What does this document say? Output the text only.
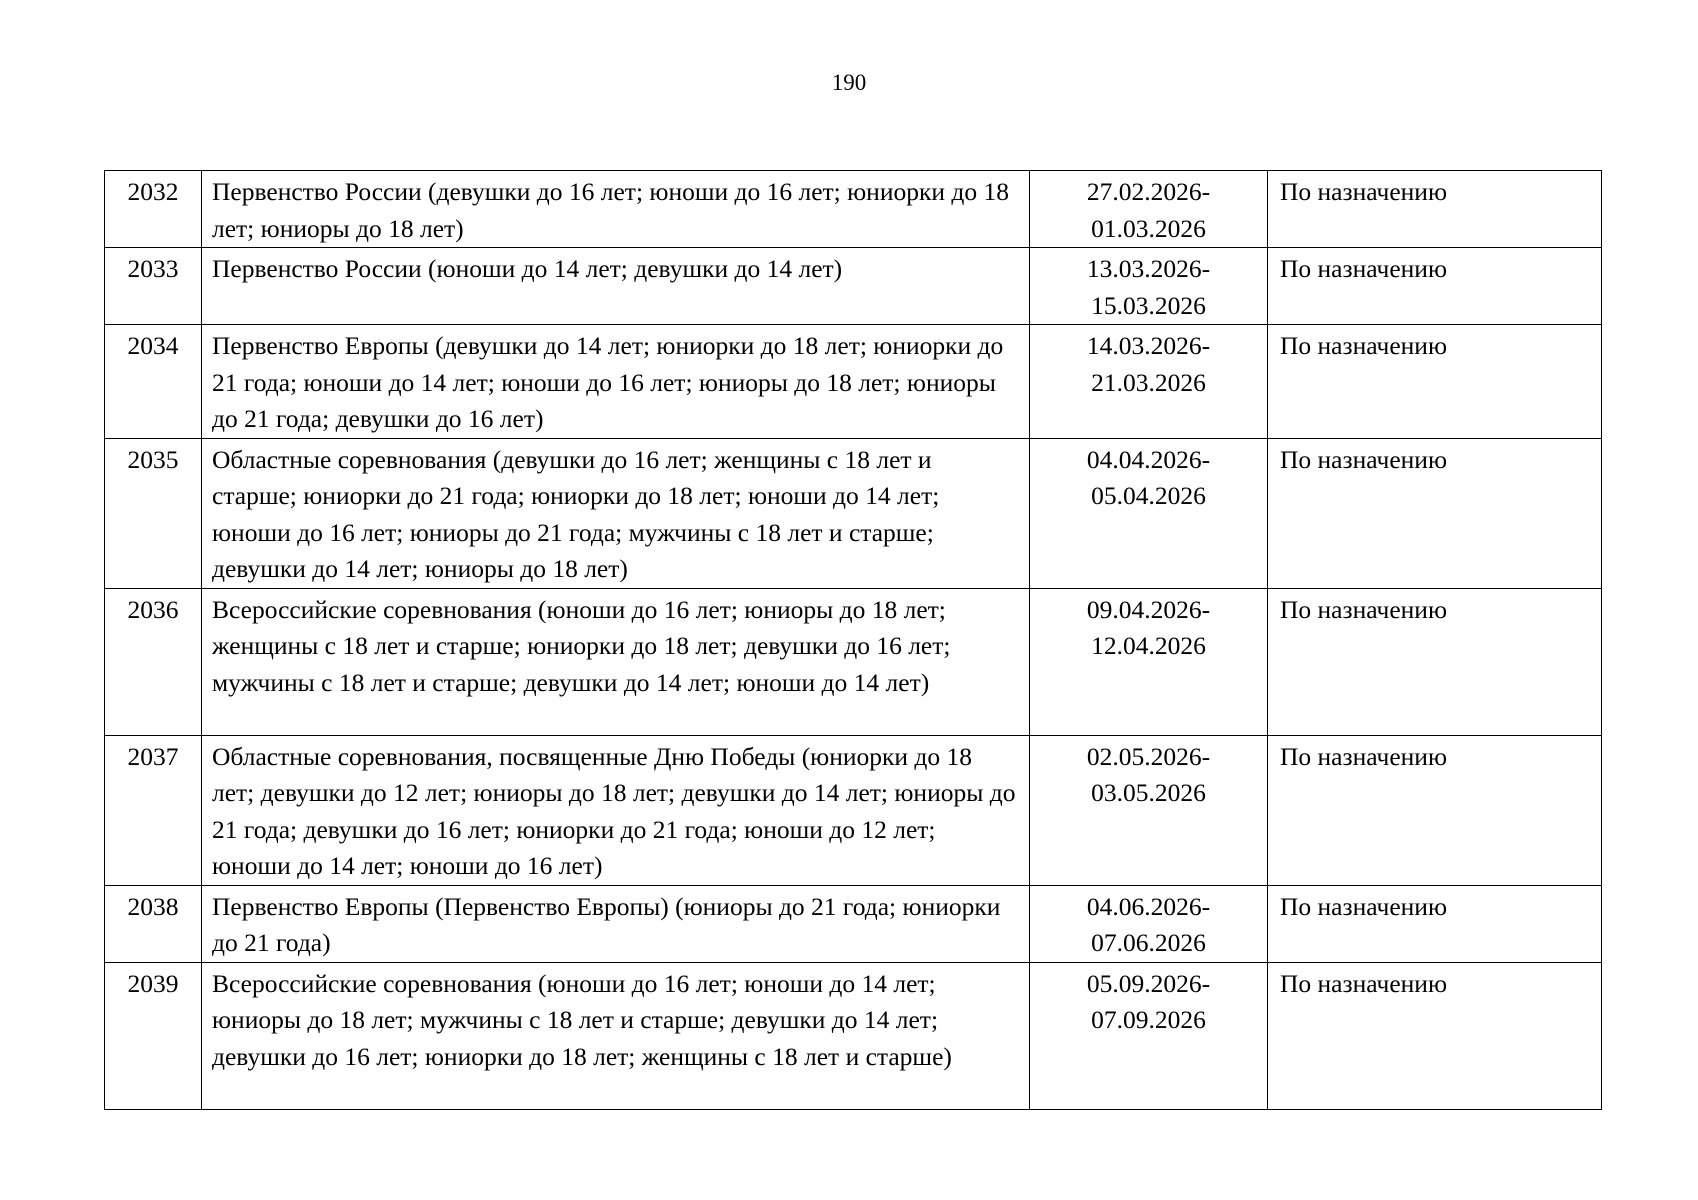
190
2032	Первенство России (девушки до 16 лет; юноши до 16 лет; юниорки до 18 лет; юниоры до 18 лет)	27.02.2026-
01.03.2026	По назначению
2033	Первенство России (юноши до 14 лет; девушки до 14 лет)	13.03.2026-
15.03.2026	По назначению
2034	Первенство Европы (девушки до 14 лет; юниорки до 18 лет; юниорки до 21 года; юноши до 14 лет; юноши до 16 лет; юниоры до 18 лет; юниоры до 21 года; девушки до 16 лет)	14.03.2026-
21.03.2026	По назначению
2035	Областные соревнования (девушки до 16 лет; женщины с 18 лет и старше; юниорки до 21 года; юниорки до 18 лет; юноши до 14 лет; юноши до 16 лет; юниоры до 21 года; мужчины с 18 лет и старше; девушки до 14 лет; юниоры до 18 лет)	04.04.2026-
05.04.2026	По назначению
2036	Всероссийские соревнования (юноши до 16 лет; юниоры до 18 лет; женщины с 18 лет и старше; юниорки до 18 лет; девушки до 16 лет; мужчины с 18 лет и старше; девушки до 14 лет; юноши до 14 лет)	09.04.2026-
12.04.2026	По назначению
2037	Областные соревнования, посвященные Дню Победы (юниорки до 18 лет; девушки до 12 лет; юниоры до 18 лет; девушки до 14 лет; юниоры до 21 года; девушки до 16 лет; юниорки до 21 года; юноши до 12 лет; юноши до 14 лет; юноши до 16 лет)	02.05.2026-
03.05.2026	По назначению
2038	Первенство Европы (Первенство Европы) (юниоры до 21 года; юниорки до 21 года)	04.06.2026-
07.06.2026	По назначению
2039	Всероссийские соревнования (юноши до 16 лет; юноши до 14 лет; юниоры до 18 лет; мужчины с 18 лет и старше; девушки до 14 лет; девушки до 16 лет; юниорки до 18 лет; женщины с 18 лет и старше)	05.09.2026-
07.09.2026	По назначению
